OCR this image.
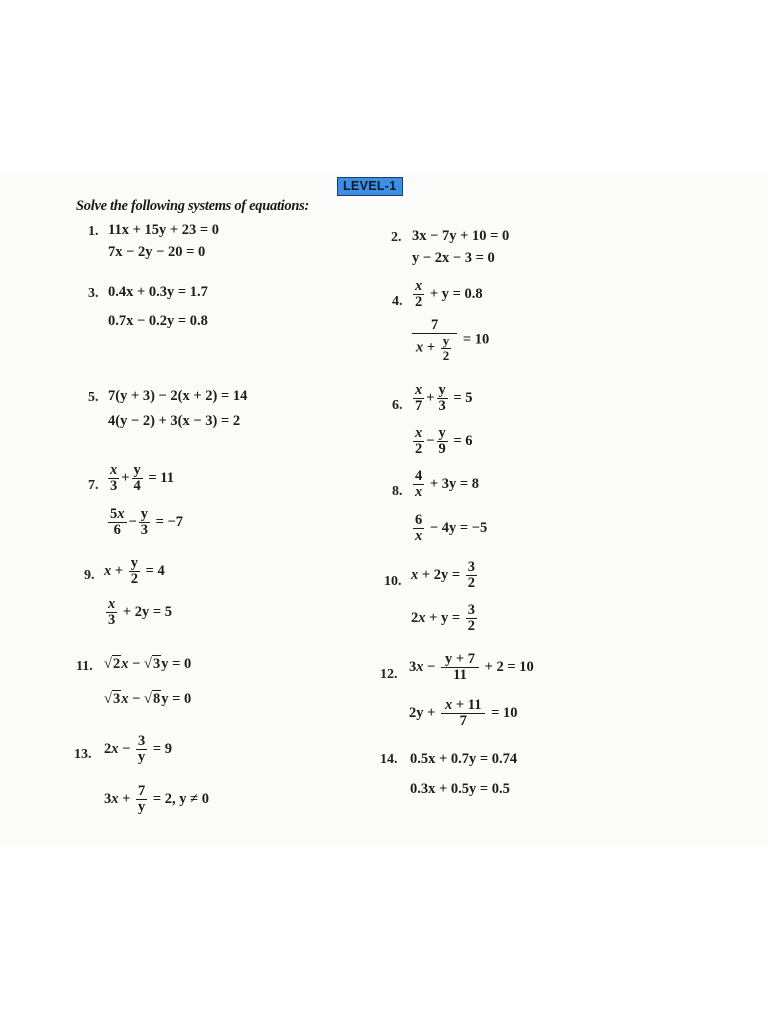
LEVEL-1
Solve the following systems of equations:
1. 11x + 15y + 23 = 0
7x − 2y − 20 = 0
2. 3x − 7y + 10 = 0
y − 2x − 3 = 0
3. 0.4x + 0.3y = 1.7
0.7x − 0.2y = 0.8
4. $\frac{x}{2} + y = 0.8$
$\frac{7}{x + \frac{y}{2}} = 10$
5. 7(y + 3) − 2(x + 2) = 14
4(y − 2) + 3(x − 3) = 2
6. $\frac{x}{7} + \frac{y}{3} = 5$
$\frac{x}{2} - \frac{y}{9} = 6$
7. $\frac{x}{3} + \frac{y}{4} = 11$
$\frac{5x}{6} - \frac{y}{3} = -7$
8. $\frac{4}{x} + 3y = 8$
$\frac{6}{x} - 4y = -5$
9. $x + \frac{y}{2} = 4$
$\frac{x}{3} + 2y = 5$
10. $x + 2y = \frac{3}{2}$
$2x + y = \frac{3}{2}$
11. √2x − √3y = 0
√3x − √8y = 0
12. $3x - \frac{y + 7}{11} + 2 = 10$
$2y + \frac{x + 11}{7} = 10$
13. $2x - \frac{3}{y} = 9$
$3x + \frac{7}{y} = 2$, y ≠ 0
14. 0.5x + 0.7y = 0.74
0.3x + 0.5y = 0.5
